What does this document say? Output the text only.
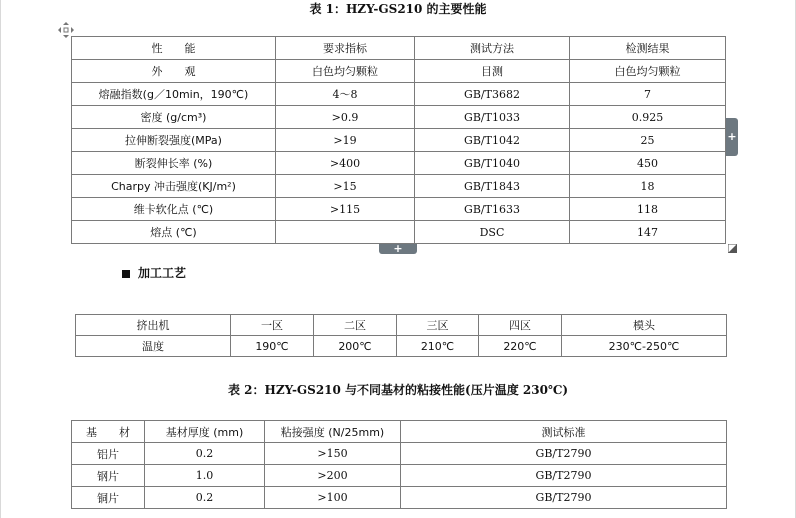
表 1：HZY-GS210 的主要性能
性　　能	要求指标	测试方法	检测结果
外　　观	白色均匀颗粒	目测	白色均匀颗粒
熔融指数(g／10min，190℃)	4～8	GB/T3682	7
密度 (g/cm³)	>0.9	GB/T1033	0.925
拉伸断裂强度(MPa)	>19	GB/T1042	25
断裂伸长率 (%)	>400	GB/T1040	450
Charpy 冲击强度(KJ/m²)	>15	GB/T1843	18
维卡软化点 (℃)	>115	GB/T1633	118
熔点 (℃)		DSC	147
+
+
加工工艺
挤出机	一区	二区	三区	四区	模头
温度	190℃	200℃	210℃	220℃	230℃-250℃
表 2：HZY-GS210 与不同基材的粘接性能(压片温度 230℃)
基　　材	基材厚度 (mm)	粘接强度 (N/25mm)	测试标准
铝片	0.2	>150	GB/T2790
钢片	1.0	>200	GB/T2790
铜片	0.2	>100	GB/T2790
